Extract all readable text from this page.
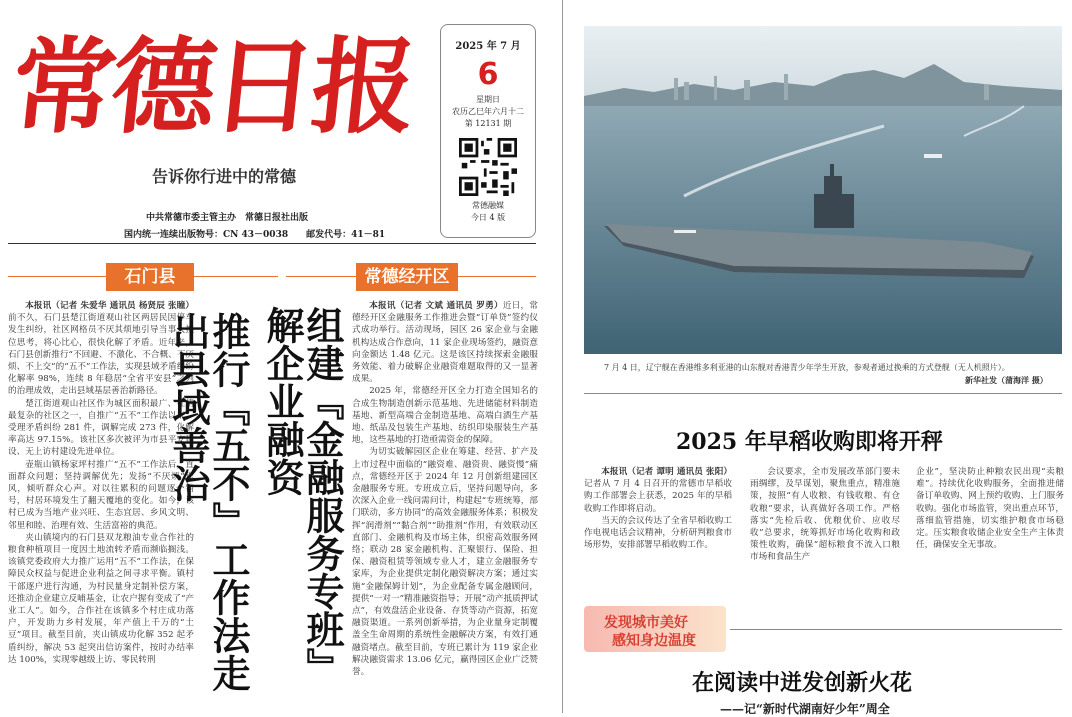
常德日报
告诉你行进中的常德
中共常德市委主管主办　常德日报社出版
国内统一连续出版物号：CN 43－0038　　邮发代号：41－81
2025 年 7 月
6
星期日
农历乙巳年六月十二
第 12131 期
常德融媒
今日 4 版
石门县

本报讯（记者 朱爱华 通讯员 杨贤辰 张瞳）前不久，石门县楚江街道观山社区两居民因停车发生纠纷，社区网格员不厌其烦地引导当事人换位思考，将心比心，很快化解了矛盾。近年来，石门县创新推行“不回避、不激化、不合概、不厌烦、不上交”的“五不”工作法，实现县域矛盾纠纷化解率 98%，连续 8 年稳居“全省平安县”之列的治理成效，走出县域基层善治新路径。

楚江街道观山社区作为城区面积最广、社情最复杂的社区之一，自推广“五不”工作法以来，受理矛盾纠纷 281 件，调解完成 273 件，化解率高达 97.15%。该社区多次被评为市县平安建设、无上访村建设先进单位。

壶瓶山镇杨家坪村推广“五不”工作法后，直面群众问题；坚持调解优先；发扬“不厌烦”作风，倾听群众心声。对以往累积的问题逐个销号，村居环境发生了翻天覆地的变化。如今，该村已成为当地产业兴旺、生态宜居、乡风文明、邻里和睦、治理有效、生活富裕的典范。

夹山镇境内的石门县双龙粮油专业合作社的粮食种植项目一度因土地流转矛盾而濒临搁浅。该镇党委政府大力推广运用“五不”工作法，在保障民众权益与促进企业利益之间寻求平衡。镇村干部逐户进行沟通，为村民量身定制补偿方案，还推动企业建立反哺基金，让农户握有变成了“产业工人”。如今，合作社在该镇多个村庄成功落户，开发助力乡村发展，年产值上千万的“土豆”项目。截至目前，夹山镇成功化解 352 起矛盾纠纷，解决 53 起突出信访案件，按时办结率达 100%，实现零越级上访、零民转刑	推行『五不』工作法走出县域善治
常德经开区
组建『金融服务专班』解企业融资	本报讯（记者 文斌 通讯员 罗勇）近日，常德经开区金融服务工作推进会暨“订单贷”签约仪式成功举行。活动现场，园区 26 家企业与金融机构达成合作意向，11 家企业现场签约，融资意向金额达 1.48 亿元。这是该区持续探索金融服务效能、着力破解企业融资难题取得的又一显著成果。

2025 年，常德经开区全力打造全国知名的合成生物制造创新示范基地、先进储能材料制造基地、新型高端合金制造基地、高端白酒生产基地、纸品及包装生产基地、纺织印染服装生产基地，这些基地的打造亟需资金的保障。

为切实破解园区企业在筹建、经营、扩产及上市过程中面临的“融资难、融资贵、融资慢”痛点，常德经开区于 2024 年 12 月创新组建园区金融服务专班。专班成立后，坚持问题导向，多次深入企业一线问需问计，构建起“专班统筹，部门联动，多方协同”的高效金融服务体系；积极发挥“润滑剂”“黏合剂”“助推剂”作用，有效联动区直部门、金融机构及市场主体，织密高效服务网络；联动 28 家金融机构、汇聚银行、保险、担保、融资租赁等领域专业人才，建立金融服务专家库，为企业提供定制化融资解决方案；通过实施“金融保姆计划”，为企业配备专属金融顾问，提供“一对一”精准融资指导；开展“动产抵质押试点”，有效盘活企业设备、存货等动产资源，拓宽融资渠道。一系列创新举措，为企业量身定制覆盖全生命周期的系统性金融解决方案，有效打通融资堵点。截至目前，专班已累计为 119 家企业解决融资需求 13.06 亿元，赢得园区企业广泛赞誉。

7 月 4 日，辽宁舰在香港维多利亚港的山东舰对香港青少年学生开放，参观者通过换乘的方式登舰（无人机照片）。
新华社发（蒲海洋 摄）
2025 年早稻收购即将开秤

本报讯（记者 谭明 通讯员 张阳）记者从 7 月 4 日召开的常德市早稻收购工作部署会上获悉，2025 年的早稻收购工作即将启动。

当天的会议传达了全省早稻收购工作电视电话会议精神，分析研判粮食市场形势，安排部署早稻收购工作。

会议要求，全市发展改革部门要未雨绸缪，及早谋划，聚焦重点，精准施策，按照“有人收粮、有钱收粮、有仓收粮”要求，认真做好各项工作。严格落实“先检后收、优粮优价、应收尽收”总要求，统筹抓好市场化收购和政策性收购，确保“超标粮食不流入口粮市场和食品生产

企业”，坚决防止种粮农民出现“卖粮难”。持续优化收购服务，全面推进储备订单收购、网上预约收购、上门服务收购。强化市场监管，突出重点环节，落细监管措施，切实维护粮食市场稳定。压实粮食收储企业安全生产主体责任，确保安全无事故。

发现城市美好
感知身边温度
在阅读中迸发创新火花
——记“新时代湖南好少年”周全
